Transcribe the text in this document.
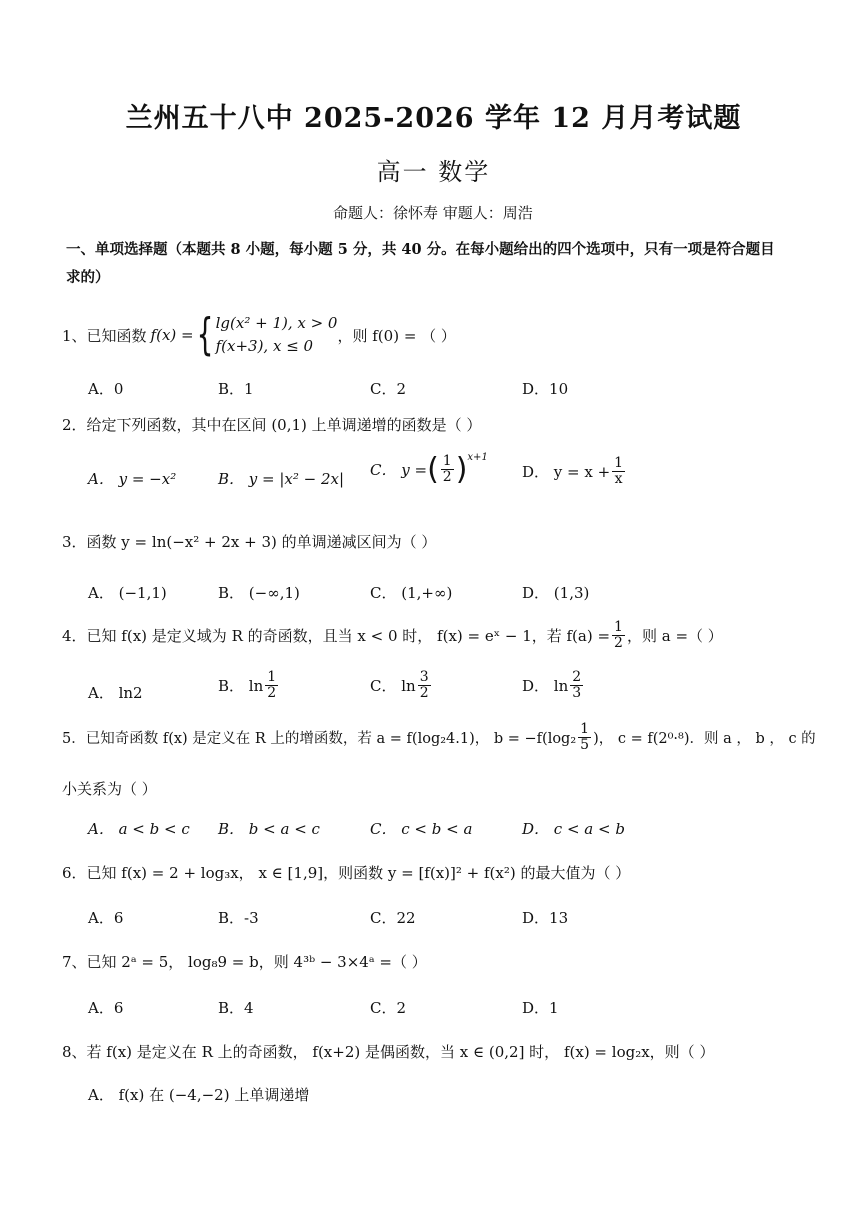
兰州五十八中 2025-2026 学年 12 月月考试题
高一 数学
命题人：徐怀寿 审题人：周浩
一、单项选择题（本题共 8 小题，每小题 5 分，共 40 分。在每小题给出的四个选项中，只有一项是符合题目
求的）
1、已知函数 f(x) = { lg(x² + 1), x > 0
f(x+3), x ≤ 0
，则 f(0) = （ ）
A．0	B．1	C．2	D．10
2．给定下列函数，其中在区间 (0,1) 上单调递增的函数是（ ）
A． y = −x²	B． y = |x² − 2x| C． y = ( $\frac{1}{2} )^{x+1}$
D． $y = x + \frac{1}{x}$
3．函数 y = ln(−x² + 2x + 3) 的单调递减区间为（ ）
A． (−1,1)	B． (−∞,1)	C． (1,+∞)	D． (1,3)
4．已知 f(x) 是定义域为 R 的奇函数，且当 x < 0 时， f(x) = eˣ − 1，若 $f(a) = \frac{1}{2}$ ，则 a =（ ）
A． ln2	B． $\ln \frac{1}{2}$	C． $\ln \frac{3}{2}$	D． $\ln \frac{2}{3}$
5．已知奇函数 f(x) 是定义在 R 上的增函数，若 a = f(log₂4.1)， $b = -f(\log_2 \frac{1}{5}$ )， c = f(2⁰·⁸)．则 a ， b ， c 的
小关系为（ ）
A． a < b < c B． b < a < c	C． c < b < a	D． c < a < b
6．已知 f(x) = 2 + log₃x， x ∈ [1,9]，则函数 y = [f(x)]² + f(x²) 的最大值为（ ）
A．6	B．-3	C．22	D．13
7、已知 2ᵃ = 5， log₈9 = b，则 4³ᵇ − 3×4ᵃ =（ ）
A．6	B．4	C．2	D．1
8、若 f(x) 是定义在 R 上的奇函数， f(x+2) 是偶函数，当 x ∈ (0,2] 时， f(x) = log₂x，则（ ）
A． f(x) 在 (−4,−2) 上单调递增
